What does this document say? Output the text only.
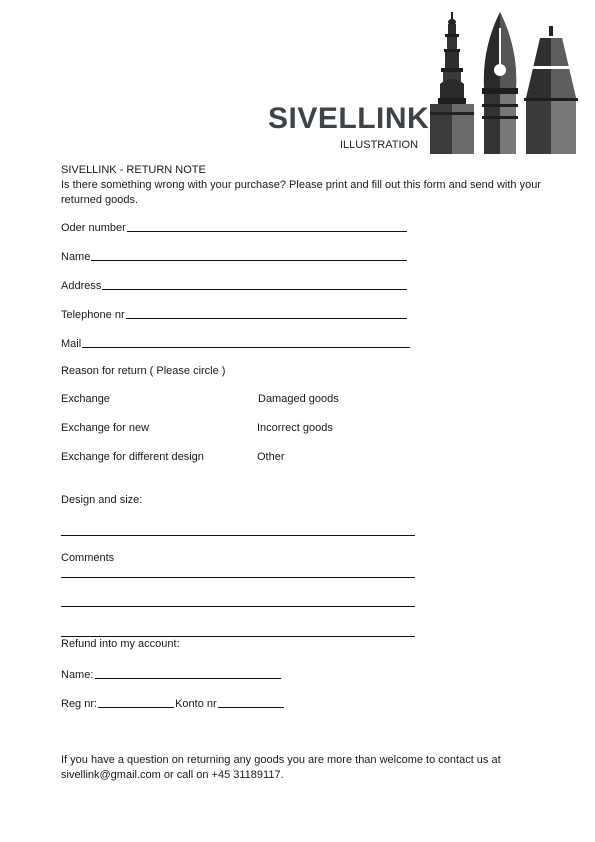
SIVELLINK
ILLUSTRATION
SIVELLINK - RETURN NOTE
Is there something wrong with your purchase? Please print and fill out this form and send with your returned goods.
Oder number
Name
Address
Telephone nr
Mail
Reason for return ( Please circle )
Exchange	Damaged goods
Exchange for new	Incorrect goods
Exchange for different design	Other
Design and size:
Comments
Refund into my account:
Name:
Reg nr:	Konto nr
If you have a question on returning any goods you are more than welcome to contact us at sivellink@gmail.com or call on +45 31189117.
